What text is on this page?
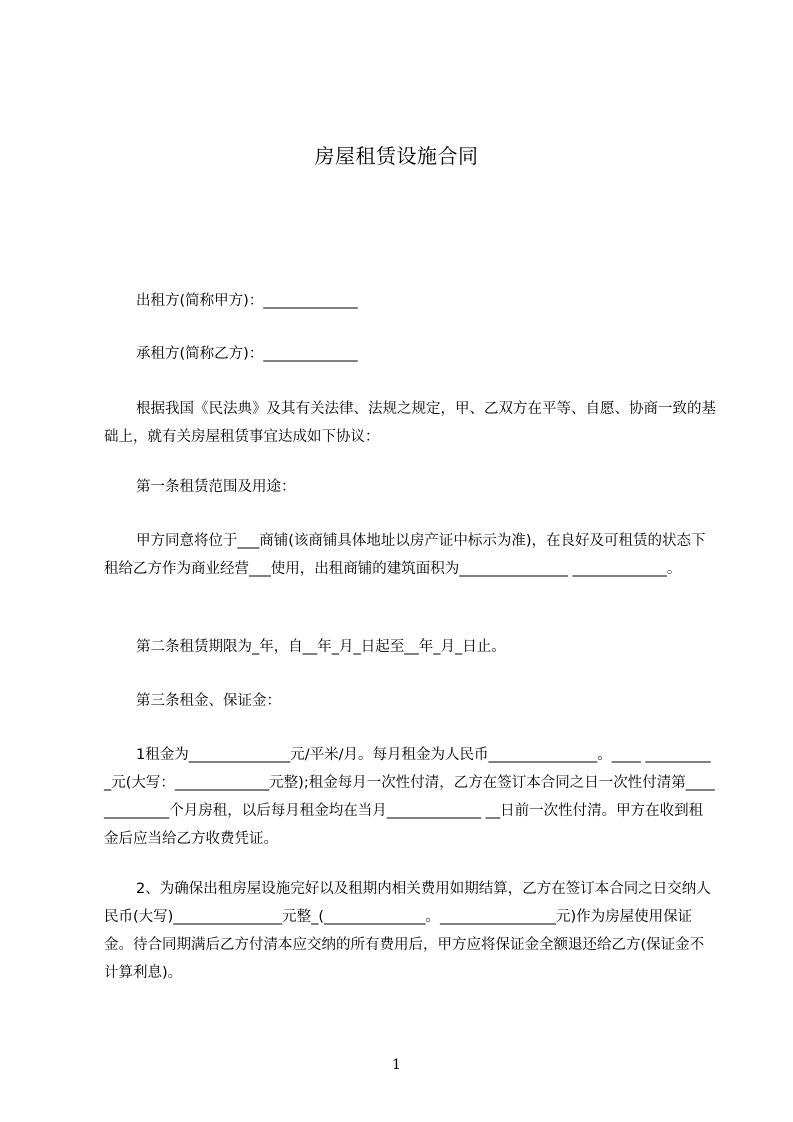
房屋租赁设施合同
出租方(简称甲方)：_____________
承租方(简称乙方)：_____________
根据我国《民法典》及其有关法律、法规之规定，甲、乙双方在平等、自愿、协商一致的基础上，就有关房屋租赁事宜达成如下协议：
第一条租赁范围及用途：
甲方同意将位于___商铺(该商铺具体地址以房产证中标示为准)，在良好及可租赁的状态下租给乙方作为商业经营___使用，出租商铺的建筑面积为_______________ _____________。
第二条租赁期限为_年，自__年_月_日起至__年_月_日止。
第三条租金、保证金：
1租金为______________元/平米/月。每月租金为人民币_______________。____ __________元(大写：_____________元整);租金每月一次性付清，乙方在签订本合同之日一次性付清第_____________个月房租，以后每月租金均在当月_____________ __日前一次性付清。甲方在收到租金后应当给乙方收费凭证。
2、为确保出租房屋设施完好以及租期内相关费用如期结算，乙方在签订本合同之日交纳人民币(大写)_______________元整_(______________。________________元)作为房屋使用保证金。待合同期满后乙方付清本应交纳的所有费用后，甲方应将保证金全额退还给乙方(保证金不计算利息)。
1
